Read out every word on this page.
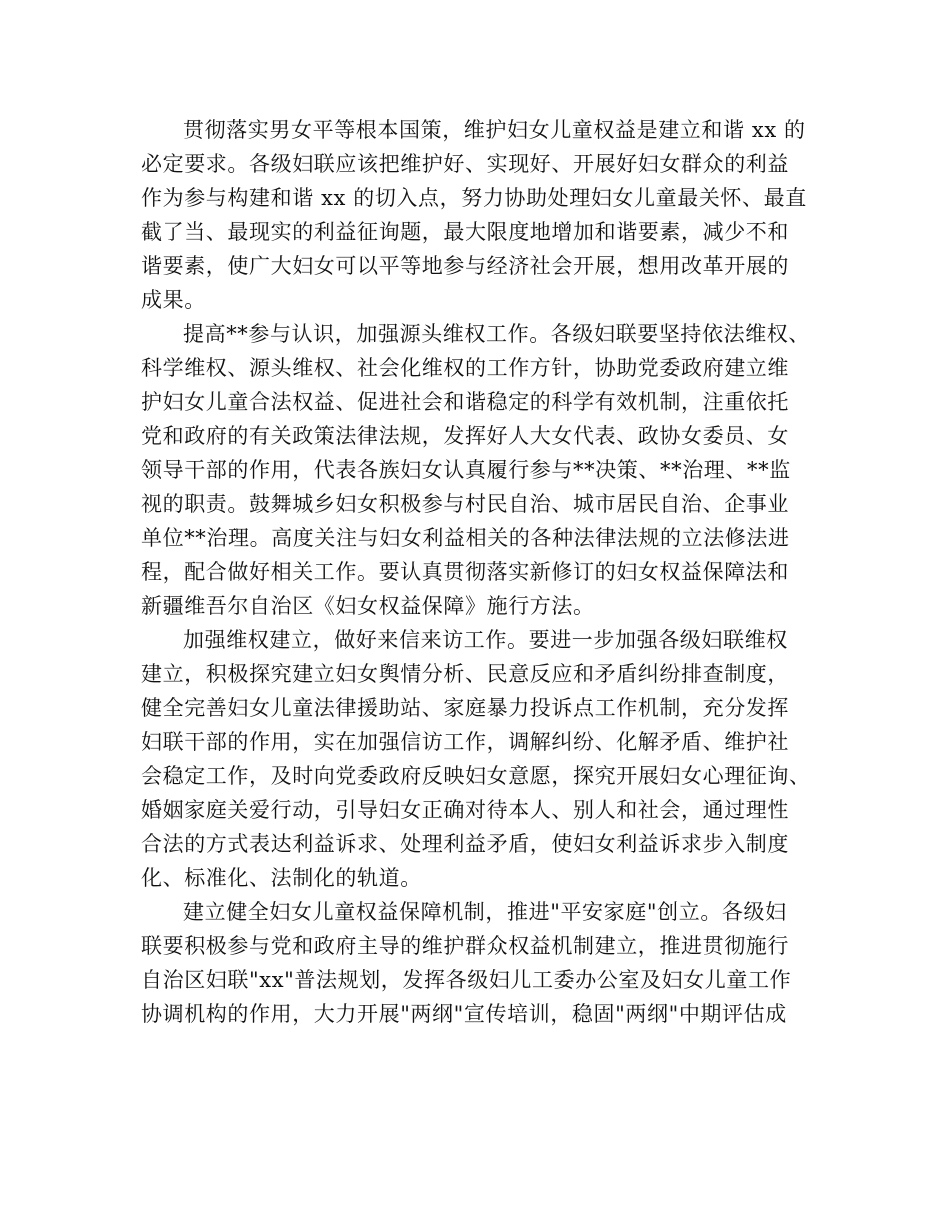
贯彻落实男女平等根本国策，维护妇女儿童权益是建立和谐 xx 的
必定要求。各级妇联应该把维护好、实现好、开展好妇女群众的利益
作为参与构建和谐 xx 的切入点，努力协助处理妇女儿童最关怀、最直
截了当、最现实的利益征询题，最大限度地增加和谐要素，减少不和
谐要素，使广大妇女可以平等地参与经济社会开展，想用改革开展的
成果。
提高**参与认识，加强源头维权工作。各级妇联要坚持依法维权、
科学维权、源头维权、社会化维权的工作方针，协助党委政府建立维
护妇女儿童合法权益、促进社会和谐稳定的科学有效机制，注重依托
党和政府的有关政策法律法规，发挥好人大女代表、政协女委员、女
领导干部的作用，代表各族妇女认真履行参与**决策、**治理、**监
视的职责。鼓舞城乡妇女积极参与村民自治、城市居民自治、企事业
单位**治理。高度关注与妇女利益相关的各种法律法规的立法修法进
程，配合做好相关工作。要认真贯彻落实新修订的妇女权益保障法和
新疆维吾尔自治区《妇女权益保障》施行方法。
加强维权建立，做好来信来访工作。要进一步加强各级妇联维权
建立，积极探究建立妇女舆情分析、民意反应和矛盾纠纷排查制度，
健全完善妇女儿童法律援助站、家庭暴力投诉点工作机制，充分发挥
妇联干部的作用，实在加强信访工作，调解纠纷、化解矛盾、维护社
会稳定工作，及时向党委政府反映妇女意愿，探究开展妇女心理征询、
婚姻家庭关爱行动，引导妇女正确对待本人、别人和社会，通过理性
合法的方式表达利益诉求、处理利益矛盾，使妇女利益诉求步入制度
化、标准化、法制化的轨道。
建立健全妇女儿童权益保障机制，推进"平安家庭"创立。各级妇
联要积极参与党和政府主导的维护群众权益机制建立，推进贯彻施行
自治区妇联"xx"普法规划，发挥各级妇儿工委办公室及妇女儿童工作
协调机构的作用，大力开展"两纲"宣传培训，稳固"两纲"中期评估成
